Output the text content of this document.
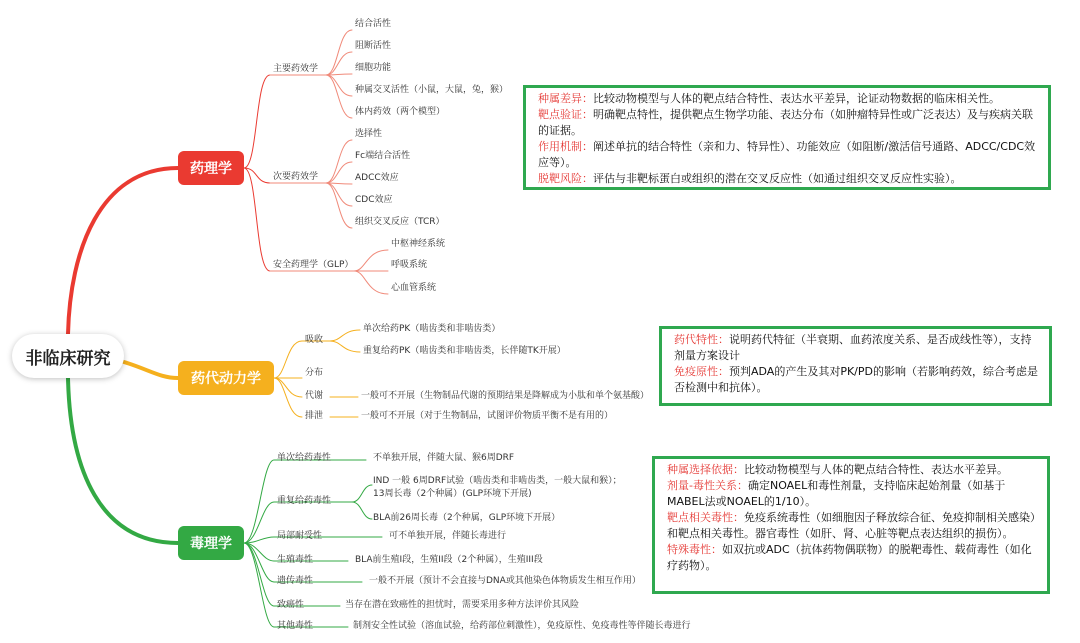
非临床研究
药理学
药代动力学
毒理学
主要药效学
结合活性
阻断活性
细胞功能
种属交叉活性（小鼠，大鼠，兔，猴）
体内药效（两个模型）
次要药效学
选择性
Fc端结合活性
ADCC效应
CDC效应
组织交叉反应（TCR）
安全药理学（GLP）
中枢神经系统
呼吸系统
心血管系统
吸收
单次给药PK（啮齿类和非啮齿类）
重复给药PK（啮齿类和非啮齿类，长伴随TK开展）
分布
代谢	一般可不开展（生物制品代谢的预期结果是降解成为小肽和单个氨基酸）
排泄	一般可不开展（对于生物制品，试图评价物质平衡不是有用的）
单次给药毒性	不单独开展，伴随大鼠、猴6周DRF
重复给药毒性
IND 一般 6周DRF试验（啮齿类和非啮齿类，一般大鼠和猴）；
13周长毒（2个种属）(GLP环境下开展)
BLA前26周长毒（2个种属，GLP环境下开展）
局部耐受性	可不单独开展，伴随长毒进行
生殖毒性	BLA前生殖I段，生殖II段（2个种属），生殖III段
遗传毒性	一般不开展（预计不会直接与DNA或其他染色体物质发生相互作用）
致癌性	当存在潜在致癌性的担忧时，需要采用多种方法评价其风险
其他毒性	制剂安全性试验（溶血试验，给药部位刺激性），免疫原性、免疫毒性等伴随长毒进行

种属差异：比较动物模型与人体的靶点结合特性、表达水平差异，论证动物数据的临床相关性。

靶点验证：明确靶点特性，提供靶点生物学功能、表达分布（如肿瘤特异性或广泛表达）及与疾病关联的证据。

作用机制：阐述单抗的结合特性（亲和力、特异性）、功能效应（如阻断/激活信号通路、ADCC/CDC效应等）。

脱靶风险：评估与非靶标蛋白或组织的潜在交叉反应性（如通过组织交叉反应性实验）。

药代特性：说明药代特征（半衰期、血药浓度关系、是否成线性等），支持剂量方案设计

免疫原性：预判ADA的产生及其对PK/PD的影响（若影响药效，综合考虑是否检测中和抗体）。

种属选择依据：比较动物模型与人体的靶点结合特性、表达水平差异。

剂量-毒性关系：确定NOAEL和毒性剂量，支持临床起始剂量（如基于MABEL法或NOAEL的1/10）。

靶点相关毒性：免疫系统毒性（如细胞因子释放综合征、免疫抑制相关感染）和靶点相关毒性。器官毒性（如肝、肾、心脏等靶点表达组织的损伤）。

特殊毒性：如双抗或ADC（抗体药物偶联物）的脱靶毒性、载荷毒性（如化疗药物）。
